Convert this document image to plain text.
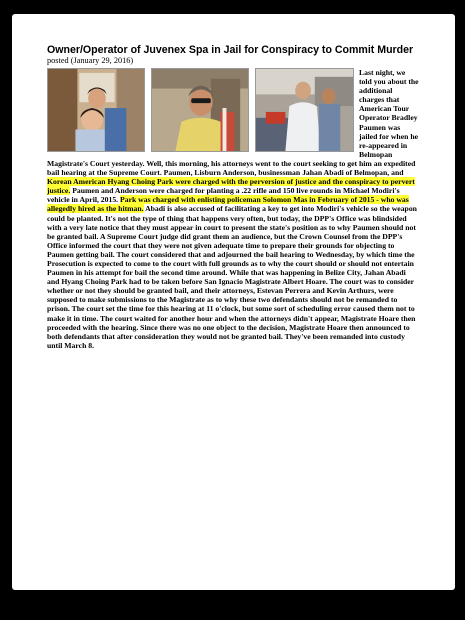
Owner/Operator of Juvenex Spa in Jail for Conspiracy to Commit Murder
posted (January 29, 2016)

Last night, we told you about the additional charges that American Tour Operator Bradley Paumen was jailed for when he re-appeared in Belmopan Magistrate's Court yesterday. Well, this morning, his attorneys went to the court seeking to get him an expedited bail hearing at the Supreme Court. Paumen, Lisburn Anderson, businessman Jahan Abadi of Belmopan, and Korean American Hyang Choing Park were charged with the perversion of justice and the conspiracy to pervert justice. Paumen and Anderson were charged for planting a .22 rifle and 150 live rounds in Michael Modiri's vehicle in April, 2015. Park was charged with enlisting policeman Solomon Mas in February of 2015 - who was allegedly hired as the hitman. Abadi is also accused of facilitating a key to get into Modiri's vehicle so the weapon could be planted. It's not the type of thing that happens very often, but today, the DPP's Office was blindsided with a very late notice that they must appear in court to present the state's position as to why Paumen should not be granted bail. A Supreme Court judge did grant them an audience, but the Crown Counsel from the DPP's Office informed the court that they were not given adequate time to prepare their grounds for objecting to Paumen getting bail. The court considered that and adjourned the bail hearing to Wednesday, by which time the Prosecution is expected to come to the court with full grounds as to why the court should or should not entertain Paumen in his attempt for bail the second time around. While that was happening in Belize City, Jahan Abadi and Hyang Choing Park had to be taken before San Ignacio Magistrate Albert Hoare. The court was to consider whether or not they should be granted bail, and their attorneys, Estevan Perrera and Kevin Arthurs, were supposed to make submissions to the Magistrate as to why these two defendants should not be remanded to prison. The court set the time for this hearing at 11 o'clock, but some sort of scheduling error caused them not to make it in time. The court waited for another hour and when the attorneys didn't appear, Magistrate Hoare then proceeded with the hearing. Since there was no one object to the decision, Magistrate Hoare then announced to both defendants that after consideration they would not be granted bail. They've been remanded into custody until March 8.
